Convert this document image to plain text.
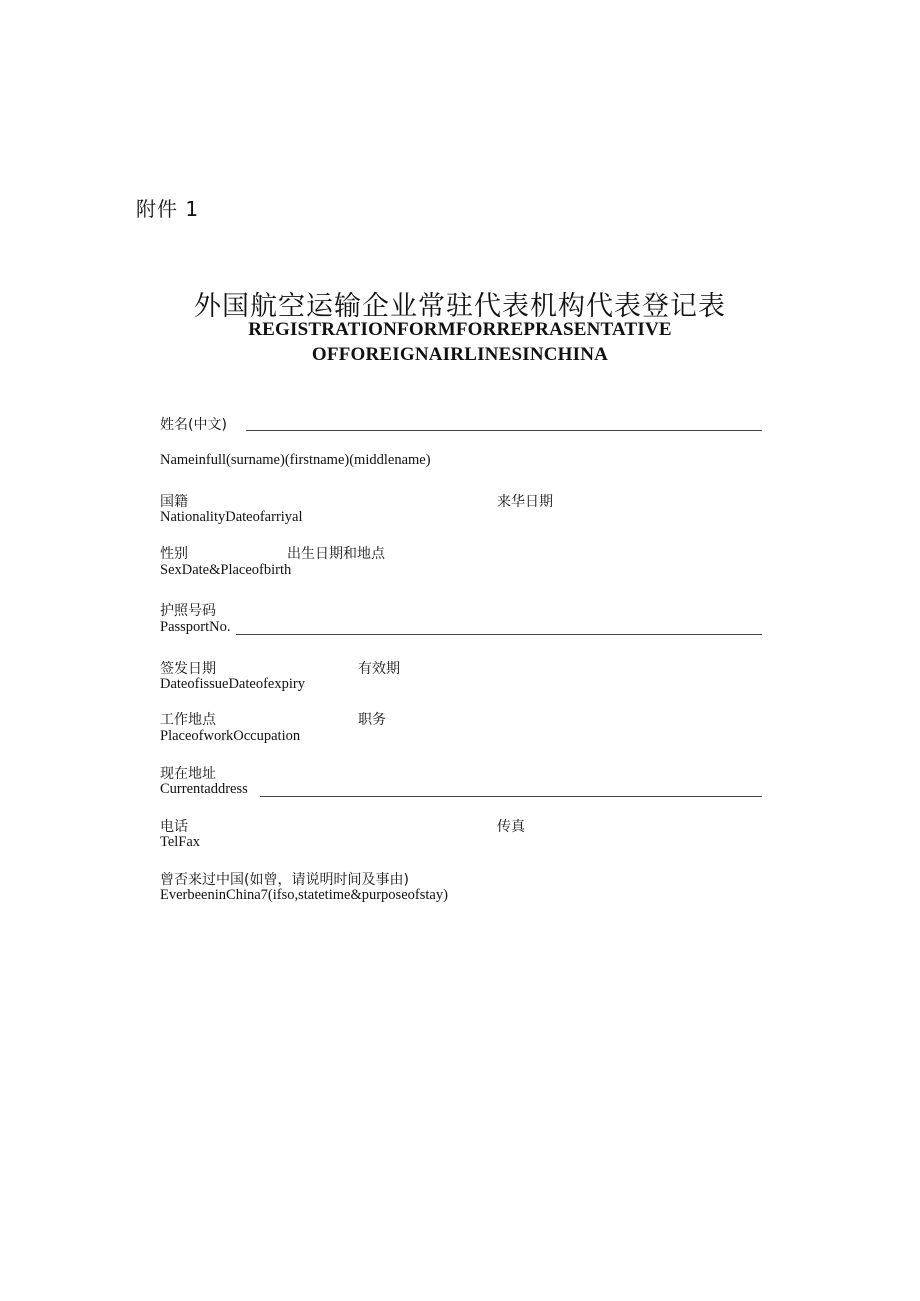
附件 1
外国航空运输企业常驻代表机构代表登记表
REGISTRATIONFORMFORREPRASENTATIVE
OFFOREIGNAIRLINESINCHINA
姓名(中文)
Nameinfull(surname)(firstname)(middlename)
国籍	来华日期
NationalityDateofarriyal
性别	出生日期和地点
SexDate&Placeofbirth
护照号码
PassportNo.
签发日期	有效期
DateofissueDateofexpiry
工作地点	职务
PlaceofworkOccupation
现在地址
Currentaddress
电话	传真
TelFax
曾否来过中国(如曾，请说明时间及事由)
EverbeeninChina7(ifso,statetime&purposeofstay)
